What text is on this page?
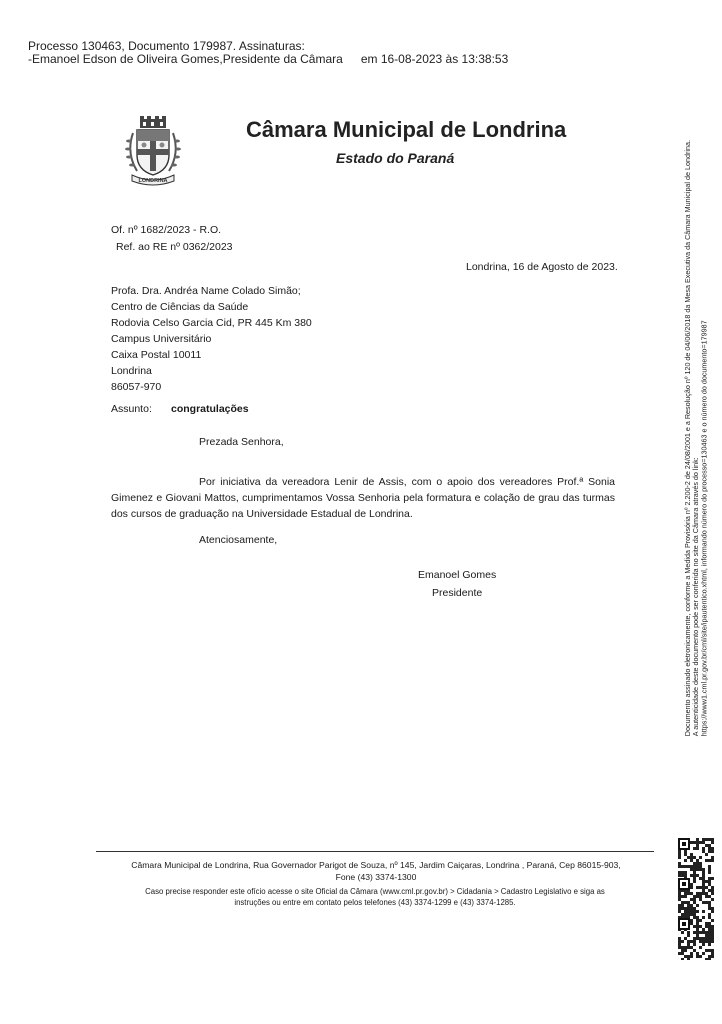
Processo 130463, Documento 179987. Assinaturas:
-Emanoel Edson de Oliveira Gomes,Presidente da Câmara em 16-08-2023 às 13:38:53
LONDRINA
Câmara Municipal de Londrina
Estado do Paraná	Documento assinado eletronicamente, conforme a Medida Provisória nº 2.200-2 de 24/08/2001 e a Resolução nº 120 de 04/06/2018 da Mesa Executiva da Câmara Municipal de Londrina. A autenticidade deste documento pode ser conferida no site da Câmara através do link: https://www1.cml.pr.gov.br/cml/site/ipautentico.xhtml, informando número do processo=130463 e o número do documento=179987
Of. nº 1682/2023 - R.O.
Ref. ao RE nº 0362/2023
Londrina, 16 de Agosto de 2023.
Profa. Dra. Andréa Name Colado Simão;
Centro de Ciências da Saúde
Rodovia Celso Garcia Cid, PR 445 Km 380
Campus Universitário
Caixa Postal 10011
Londrina
86057-970
Assunto: congratulações
Prezada Senhora,
Por iniciativa da vereadora Lenir de Assis, com o apoio dos vereadores Prof.ª Sonia Gimenez e Giovani Mattos, cumprimentamos Vossa Senhoria pela formatura e colação de grau das turmas dos cursos de graduação na Universidade Estadual de Londrina.
Atenciosamente,
Emanoel Gomes
Presidente
Câmara Municipal de Londrina, Rua Governador Parigot de Souza, nº 145, Jardim Caiçaras, Londrina , Paraná, Cep 86015-903,
Fone (43) 3374-1300
Caso precise responder este ofício acesse o site Oficial da Câmara (www.cml.pr.gov.br) > Cidadania > Cadastro Legislativo e siga as
instruções ou entre em contato pelos telefones (43) 3374-1299 e (43) 3374-1285.
